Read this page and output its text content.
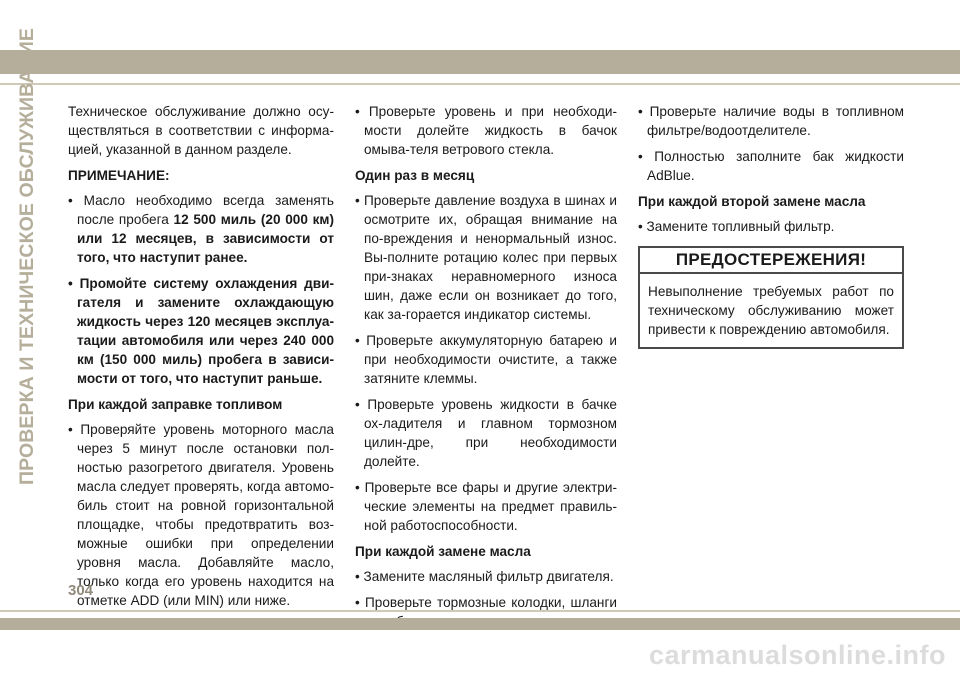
ПРОВЕРКА И ТЕХНИЧЕСКОЕ ОБСЛУЖИВАНИЕ Техническое обслуживание должно осу-ществляться в соответствии с информа-цией, указанной в данном разделе.

ПРИМЕЧАНИЕ:

• Масло необходимо всегда заменять после пробега 12 500 миль (20 000 км) или 12 месяцев, в зависимости от того, что наступит ранее.

• Промойте систему охлаждения дви-гателя и замените охлаждающую жидкость через 120 месяцев эксплуа-тации автомобиля или через 240 000 км (150 000 миль) пробега в зависи-мости от того, что наступит раньше.

При каждой заправке топливом

• Проверяйте уровень моторного масла через 5 минут после остановки пол-ностью разогретого двигателя. Уровень масла следует проверять, когда автомо-биль стоит на ровной горизонтальной площадке, чтобы предотвратить воз-можные ошибки при определении уровня масла. Добавляйте масло, только когда его уровень находится на отметке ADD (или MIN) или ниже.

• Проверьте уровень и при необходи-мости долейте жидкость в бачок омыва-теля ветрового стекла.

Один раз в месяц

• Проверьте давление воздуха в шинах и осмотрите их, обращая внимание на по-вреждения и ненормальный износ. Вы-полните ротацию колес при первых при-знаках неравномерного износа шин, даже если он возникает до того, как за-горается индикатор системы.

• Проверьте аккумуляторную батарею и при необходимости очистите, а также затяните клеммы.

• Проверьте уровень жидкости в бачке ох-ладителя и главном тормозном цилин-дре, при необходимости долейте.

• Проверьте все фары и другие электри-ческие элементы на предмет правиль-ной работоспособности.

При каждой замене масла

• Замените масляный фильтр двигателя.

• Проверьте тормозные колодки, шланги

• Проверьте наличие воды в топливном фильтре/водоотделителе.

• Полностью заполните бак жидкости AdBlue.

При каждой второй замене масла

• Замените топливный фильтр.

ПРЕДОСТЕРЕЖЕНИЯ!
Невыполнение требуемых работ по техническому обслуживанию может привести к повреждению автомобиля.
304
carmanualsonline.info
